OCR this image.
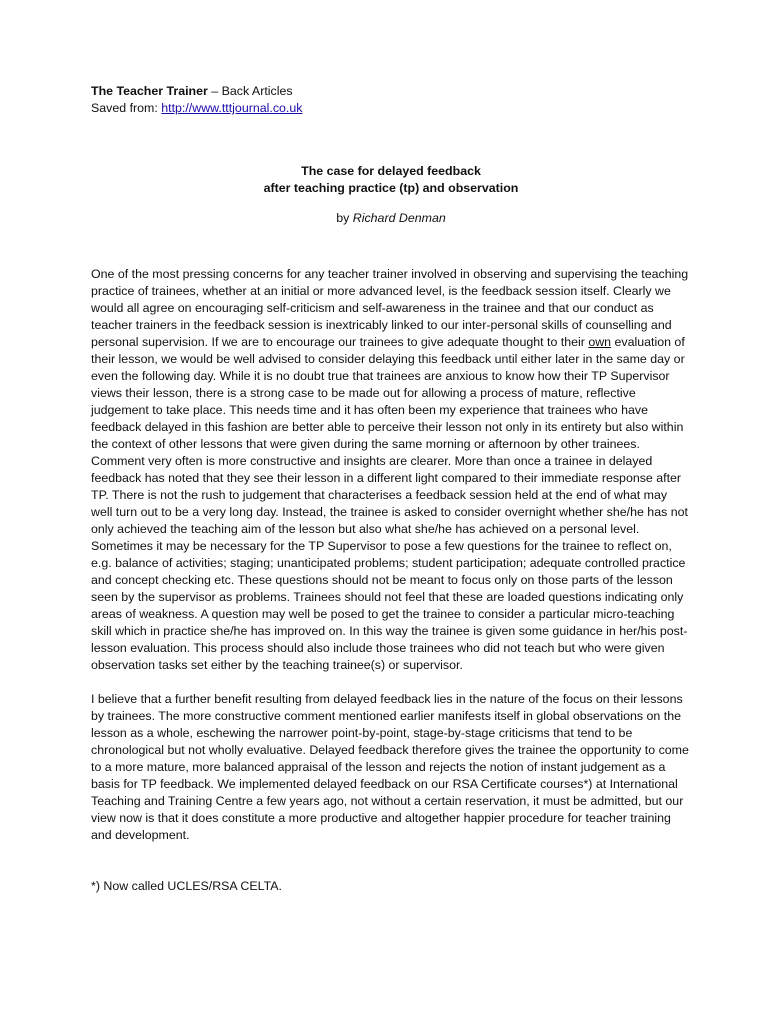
The Teacher Trainer – Back Articles

Saved from: http://www.tttjournal.co.uk

The case for delayed feedback
after teaching practice (tp) and observation
by Richard Denman

One of the most pressing concerns for any teacher trainer involved in observing and supervising the teaching practice of trainees, whether at an initial or more advanced level, is the feedback session itself. Clearly we would all agree on encouraging self-criticism and self-awareness in the trainee and that our conduct as teacher trainers in the feedback session is inextricably linked to our inter-personal skills of counselling and personal supervision. If we are to encourage our trainees to give adequate thought to their own evaluation of their lesson, we would be well advised to consider delaying this feedback until either later in the same day or even the following day. While it is no doubt true that trainees are anxious to know how their TP Supervisor views their lesson, there is a strong case to be made out for allowing a process of mature, reflective judgement to take place. This needs time and it has often been my experience that trainees who have feedback delayed in this fashion are better able to perceive their lesson not only in its entirety but also within the context of other lessons that were given during the same morning or afternoon by other trainees. Comment very often is more constructive and insights are clearer. More than once a trainee in delayed feedback has noted that they see their lesson in a different light compared to their immediate response after TP. There is not the rush to judgement that characterises a feedback session held at the end of what may well turn out to be a very long day. Instead, the trainee is asked to consider overnight whether she/he has not only achieved the teaching aim of the lesson but also what she/he has achieved on a personal level. Sometimes it may be necessary for the TP Supervisor to pose a few questions for the trainee to reflect on, e.g. balance of activities; staging; unanticipated problems; student participation; adequate controlled practice and concept checking etc. These questions should not be meant to focus only on those parts of the lesson seen by the supervisor as problems. Trainees should not feel that these are loaded questions indicating only areas of weakness. A question may well be posed to get the trainee to consider a particular micro-teaching skill which in practice she/he has improved on. In this way the trainee is given some guidance in her/his post-lesson evaluation. This process should also include those trainees who did not teach but who were given observation tasks set either by the teaching trainee(s) or supervisor.

I believe that a further benefit resulting from delayed feedback lies in the nature of the focus on their lessons by trainees. The more constructive comment mentioned earlier manifests itself in global observations on the lesson as a whole, eschewing the narrower point-by-point, stage-by-stage criticisms that tend to be chronological but not wholly evaluative. Delayed feedback therefore gives the trainee the opportunity to come to a more mature, more balanced appraisal of the lesson and rejects the notion of instant judgement as a basis for TP feedback. We implemented delayed feedback on our RSA Certificate courses*) at International Teaching and Training Centre a few years ago, not without a certain reservation, it must be admitted, but our view now is that it does constitute a more productive and altogether happier procedure for teacher training and development.

*) Now called UCLES/RSA CELTA.
